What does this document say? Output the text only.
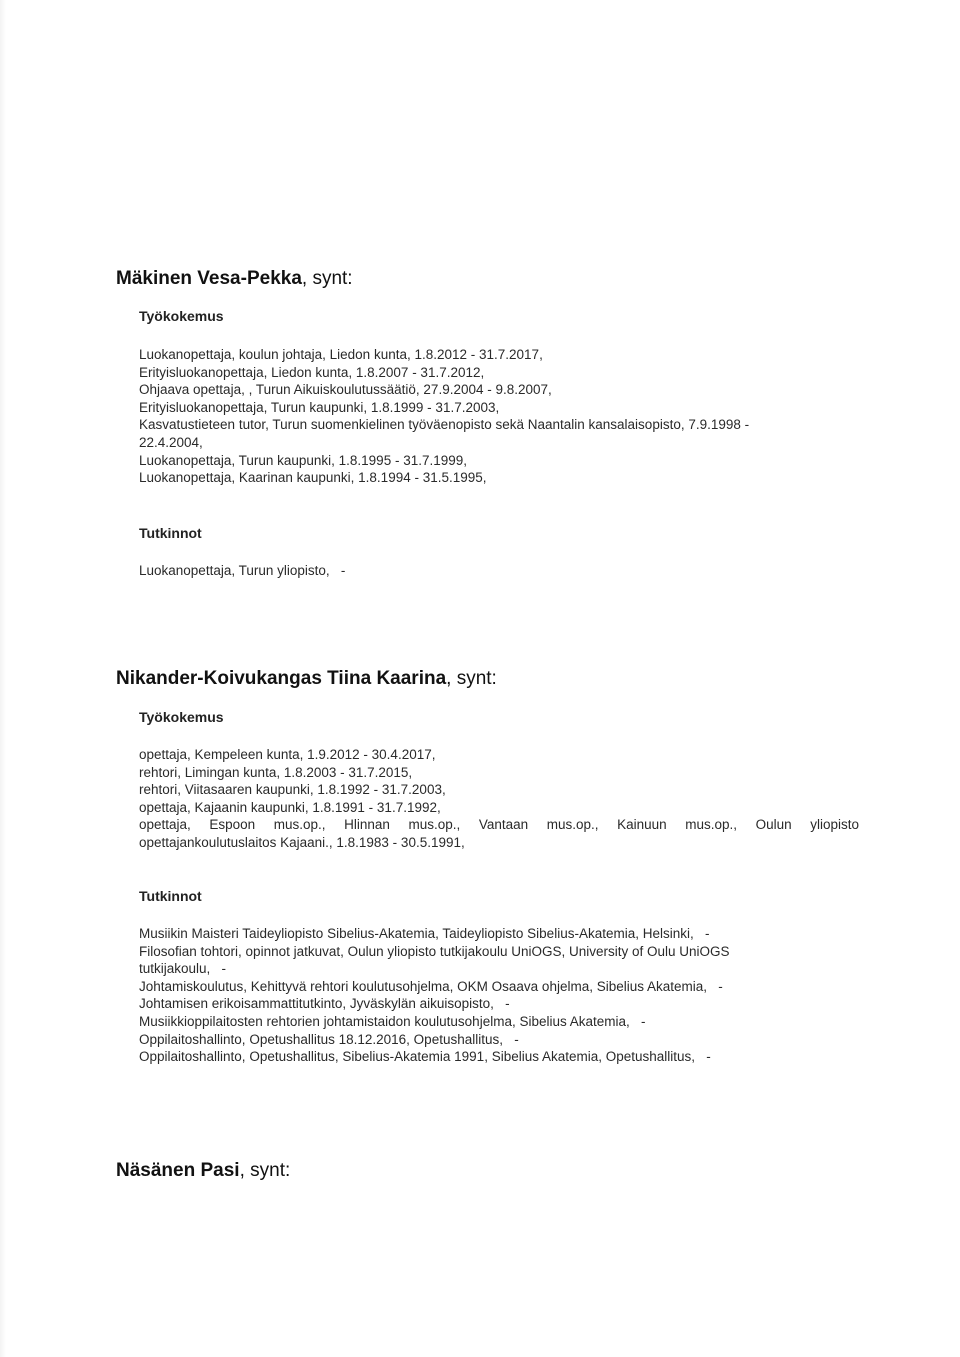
Mäkinen Vesa-Pekka, synt:
Työkokemus
Luokanopettaja, koulun johtaja, Liedon kunta, 1.8.2012 - 31.7.2017,
Erityisluokanopettaja, Liedon kunta, 1.8.2007 - 31.7.2012,
Ohjaava opettaja, , Turun Aikuiskoulutussäätiö, 27.9.2004 - 9.8.2007,
Erityisluokanopettaja, Turun kaupunki, 1.8.1999 - 31.7.2003,
Kasvatustieteen tutor, Turun suomenkielinen työväenopisto sekä Naantalin kansalaisopisto, 7.9.1998 -
22.4.2004,
Luokanopettaja, Turun kaupunki, 1.8.1995 - 31.7.1999,
Luokanopettaja, Kaarinan kaupunki, 1.8.1994 - 31.5.1995,
Tutkinnot
Luokanopettaja, Turun yliopisto,   -
Nikander-Koivukangas Tiina Kaarina, synt:
Työkokemus
opettaja, Kempeleen kunta, 1.9.2012 - 30.4.2017,
rehtori, Limingan kunta, 1.8.2003 - 31.7.2015,
rehtori, Viitasaaren kaupunki, 1.8.1992 - 31.7.2003,
opettaja, Kajaanin kaupunki, 1.8.1991 - 31.7.1992,
opettaja, Espoon mus.op., Hlinnan mus.op., Vantaan mus.op., Kainuun mus.op., Oulun yliopisto
opettajankoulutuslaitos Kajaani., 1.8.1983 - 30.5.1991,
Tutkinnot
Musiikin Maisteri Taideyliopisto Sibelius-Akatemia, Taideyliopisto Sibelius-Akatemia, Helsinki,   -
Filosofian tohtori, opinnot jatkuvat, Oulun yliopisto tutkijakoulu UniOGS, University of Oulu UniOGS
tutkijakoulu,   -
Johtamiskoulutus, Kehittyvä rehtori koulutusohjelma, OKM Osaava ohjelma, Sibelius Akatemia,   -
Johtamisen erikoisammattitutkinto, Jyväskylän aikuisopisto,   -
Musiikkioppilaitosten rehtorien johtamistaidon koulutusohjelma, Sibelius Akatemia,   -
Oppilaitoshallinto, Opetushallitus 18.12.2016, Opetushallitus,   -
Oppilaitoshallinto, Opetushallitus, Sibelius-Akatemia 1991, Sibelius Akatemia, Opetushallitus,   -
Näsänen Pasi, synt:
